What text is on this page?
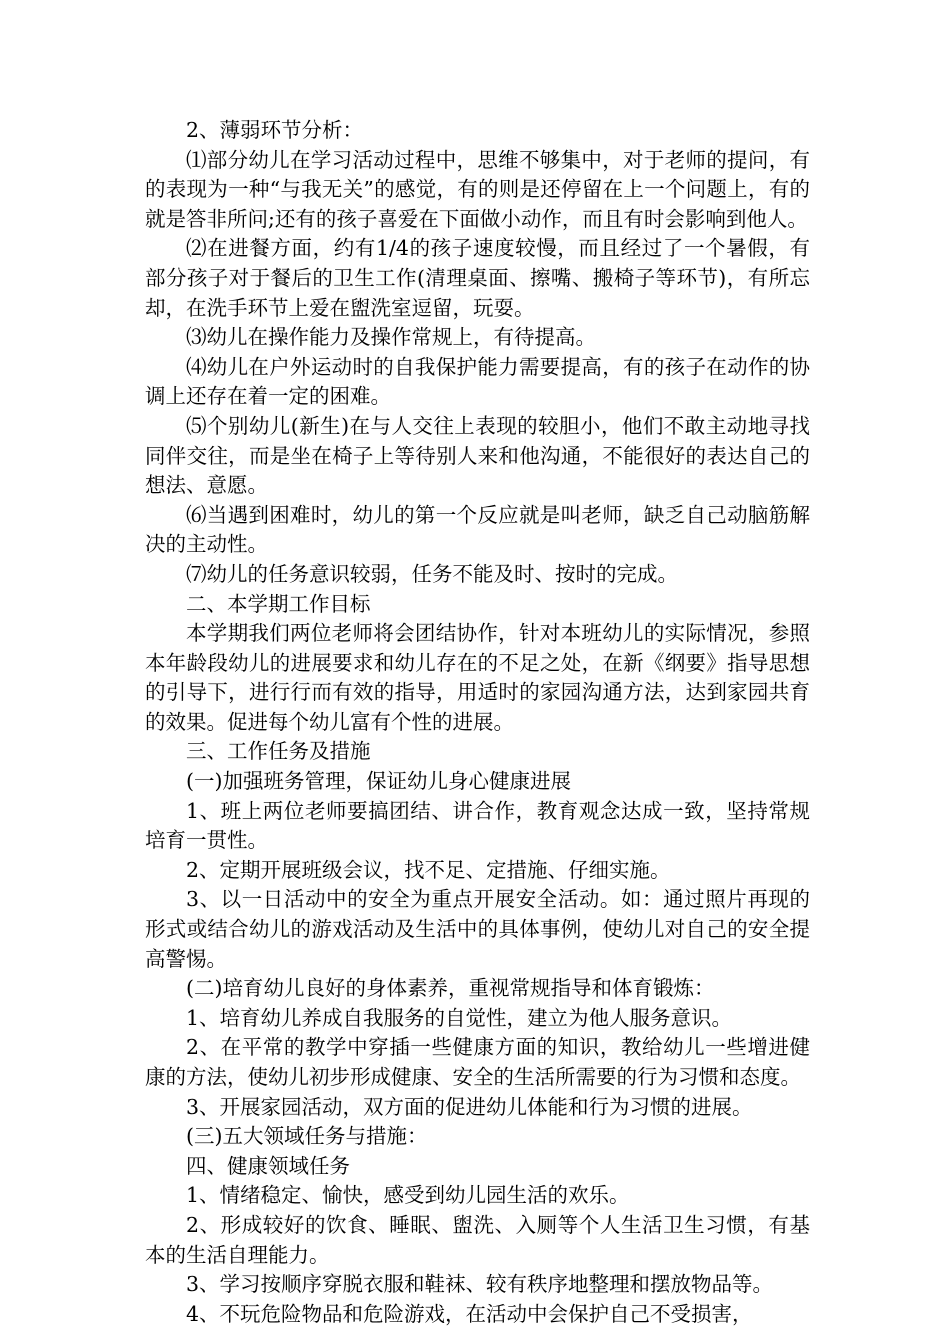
2、薄弱环节分析：

⑴部分幼儿在学习活动过程中，思维不够集中，对于老师的提问，有的表现为一种“与我无关”的感觉，有的则是还停留在上一个问题上，有的就是答非所问;还有的孩子喜爱在下面做小动作，而且有时会影响到他人。

⑵在进餐方面，约有1/4的孩子速度较慢，而且经过了一个暑假，有部分孩子对于餐后的卫生工作(清理桌面、擦嘴、搬椅子等环节)，有所忘却，在洗手环节上爱在盥洗室逗留，玩耍。

⑶幼儿在操作能力及操作常规上，有待提高。

⑷幼儿在户外运动时的自我保护能力需要提高，有的孩子在动作的协调上还存在着一定的困难。

⑸个别幼儿(新生)在与人交往上表现的较胆小，他们不敢主动地寻找同伴交往，而是坐在椅子上等待别人来和他沟通，不能很好的表达自己的想法、意愿。

⑹当遇到困难时，幼儿的第一个反应就是叫老师，缺乏自己动脑筋解决的主动性。

⑺幼儿的任务意识较弱，任务不能及时、按时的完成。

二、本学期工作目标

本学期我们两位老师将会团结协作，针对本班幼儿的实际情况，参照本年龄段幼儿的进展要求和幼儿存在的不足之处，在新《纲要》指导思想的引导下，进行行而有效的指导，用适时的家园沟通方法，达到家园共育的效果。促进每个幼儿富有个性的进展。

三、工作任务及措施

(一)加强班务管理，保证幼儿身心健康进展

1、班上两位老师要搞团结、讲合作，教育观念达成一致，坚持常规培育一贯性。

2、定期开展班级会议，找不足、定措施、仔细实施。

3、以一日活动中的安全为重点开展安全活动。如：通过照片再现的形式或结合幼儿的游戏活动及生活中的具体事例，使幼儿对自己的安全提高警惕。

(二)培育幼儿良好的身体素养，重视常规指导和体育锻炼：

1、培育幼儿养成自我服务的自觉性，建立为他人服务意识。

2、在平常的教学中穿插一些健康方面的知识，教给幼儿一些增进健康的方法，使幼儿初步形成健康、安全的生活所需要的行为习惯和态度。

3、开展家园活动，双方面的促进幼儿体能和行为习惯的进展。

(三)五大领域任务与措施：

四、健康领域任务

1、情绪稳定、愉快，感受到幼儿园生活的欢乐。

2、形成较好的饮食、睡眠、盥洗、入厕等个人生活卫生习惯，有基本的生活自理能力。

3、学习按顺序穿脱衣服和鞋袜、较有秩序地整理和摆放物品等。

4、不玩危险物品和危险游戏，在活动中会保护自己不受损害，
